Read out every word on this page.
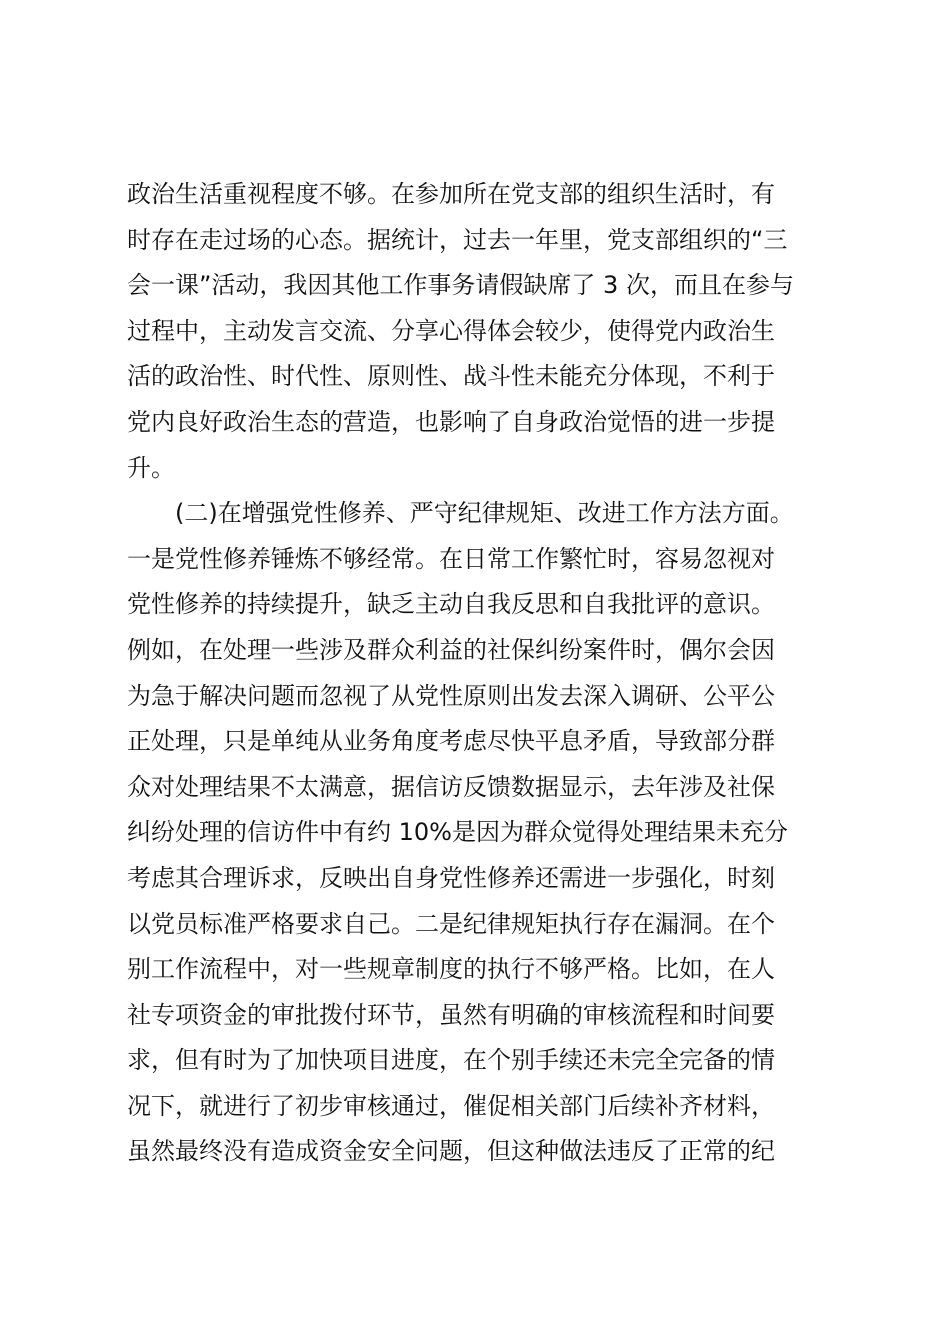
政治生活重视程度不够。在参加所在党支部的组织生活时，有
时存在走过场的心态。据统计，过去一年里，党支部组织的“三
会一课”活动，我因其他工作事务请假缺席了 3 次，而且在参与
过程中，主动发言交流、分享心得体会较少，使得党内政治生
活的政治性、时代性、原则性、战斗性未能充分体现，不利于
党内良好政治生态的营造，也影响了自身政治觉悟的进一步提
升。
(二)在增强党性修养、严守纪律规矩、改进工作方法方面。
一是党性修养锤炼不够经常。在日常工作繁忙时，容易忽视对
党性修养的持续提升，缺乏主动自我反思和自我批评的意识。
例如，在处理一些涉及群众利益的社保纠纷案件时，偶尔会因
为急于解决问题而忽视了从党性原则出发去深入调研、公平公
正处理，只是单纯从业务角度考虑尽快平息矛盾，导致部分群
众对处理结果不太满意，据信访反馈数据显示，去年涉及社保
纠纷处理的信访件中有约 10%是因为群众觉得处理结果未充分
考虑其合理诉求，反映出自身党性修养还需进一步强化，时刻
以党员标准严格要求自己。二是纪律规矩执行存在漏洞。在个
别工作流程中，对一些规章制度的执行不够严格。比如，在人
社专项资金的审批拨付环节，虽然有明确的审核流程和时间要
求，但有时为了加快项目进度，在个别手续还未完全完备的情
况下，就进行了初步审核通过，催促相关部门后续补齐材料，
虽然最终没有造成资金安全问题，但这种做法违反了正常的纪
